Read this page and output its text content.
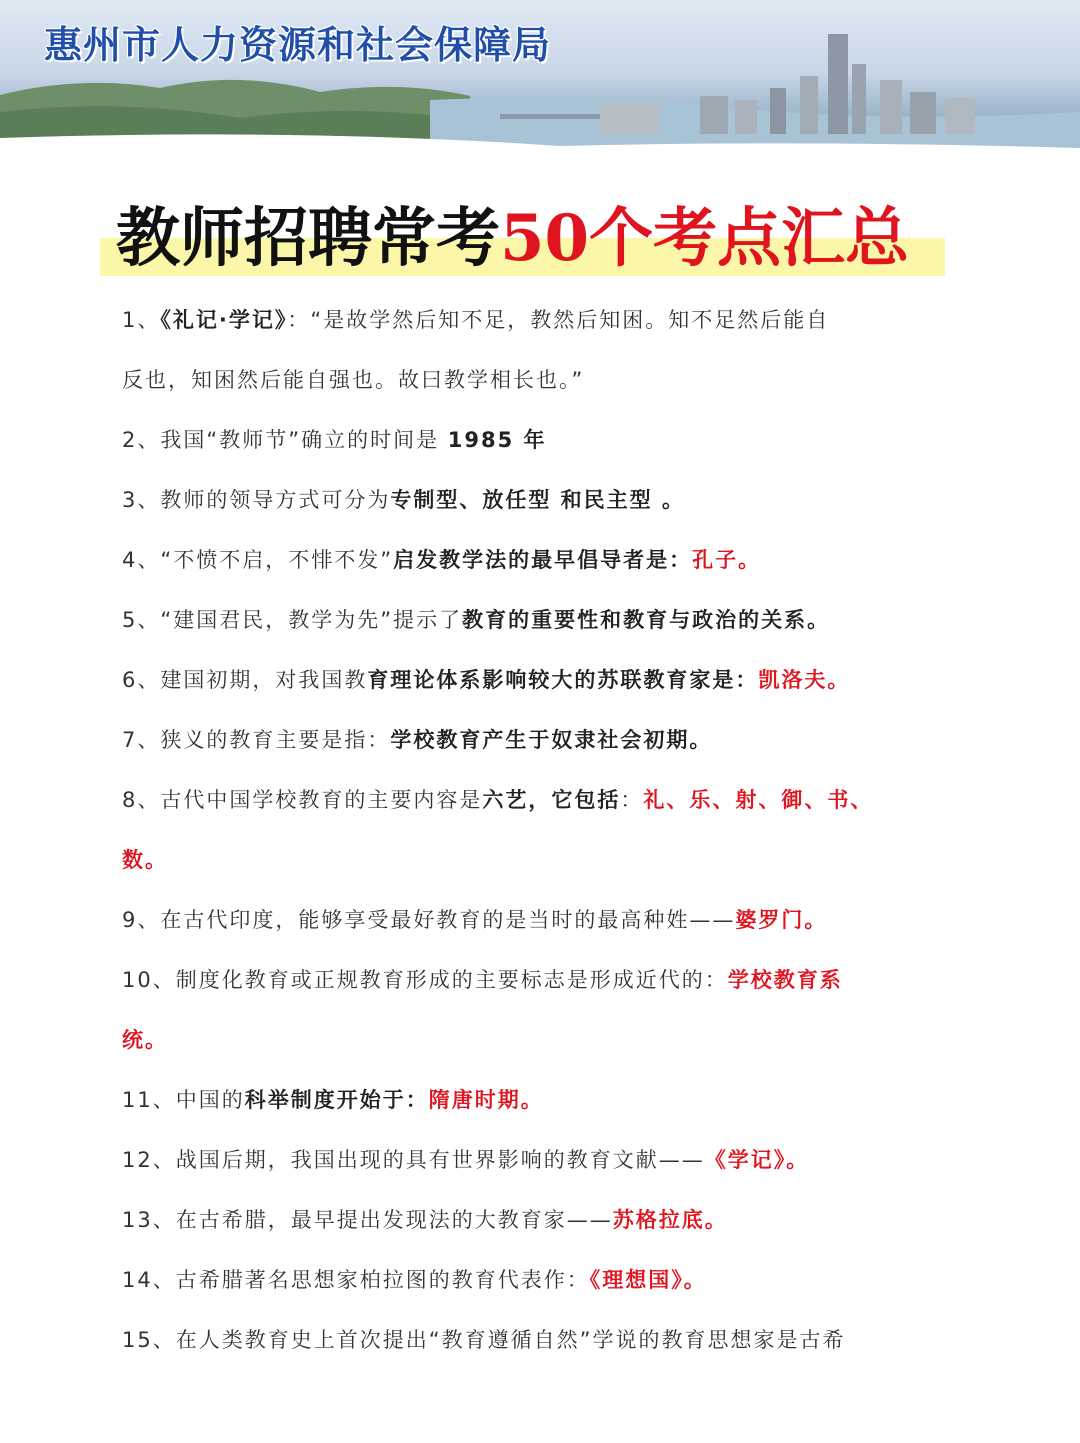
惠州市人力资源和社会保障局
教师招聘常考50个考点汇总
1、《礼记·学记》：“是故学然后知不足，教然后知困。知不足然后能自
反也，知困然后能自强也。故曰教学相长也。”
2、我国“教师节”确立的时间是 1985 年
3、教师的领导方式可分为专制型、放任型 和民主型 。
4、“不愤不启，不悱不发”启发教学法的最早倡导者是：孔子。
5、“建国君民，教学为先”提示了教育的重要性和教育与政治的关系。
6、建国初期，对我国教育理论体系影响较大的苏联教育家是：凯洛夫。
7、狭义的教育主要是指：学校教育产生于奴隶社会初期。
8、古代中国学校教育的主要内容是六艺，它包括：礼、乐、射、御、书、
数。
9、在古代印度，能够享受最好教育的是当时的最高种姓——婆罗门。
10、制度化教育或正规教育形成的主要标志是形成近代的：学校教育系
统。
11、中国的科举制度开始于：隋唐时期。
12、战国后期，我国出现的具有世界影响的教育文献——《学记》。
13、在古希腊，最早提出发现法的大教育家——苏格拉底。
14、古希腊著名思想家柏拉图的教育代表作：《理想国》。
15、在人类教育史上首次提出“教育遵循自然”学说的教育思想家是古希
